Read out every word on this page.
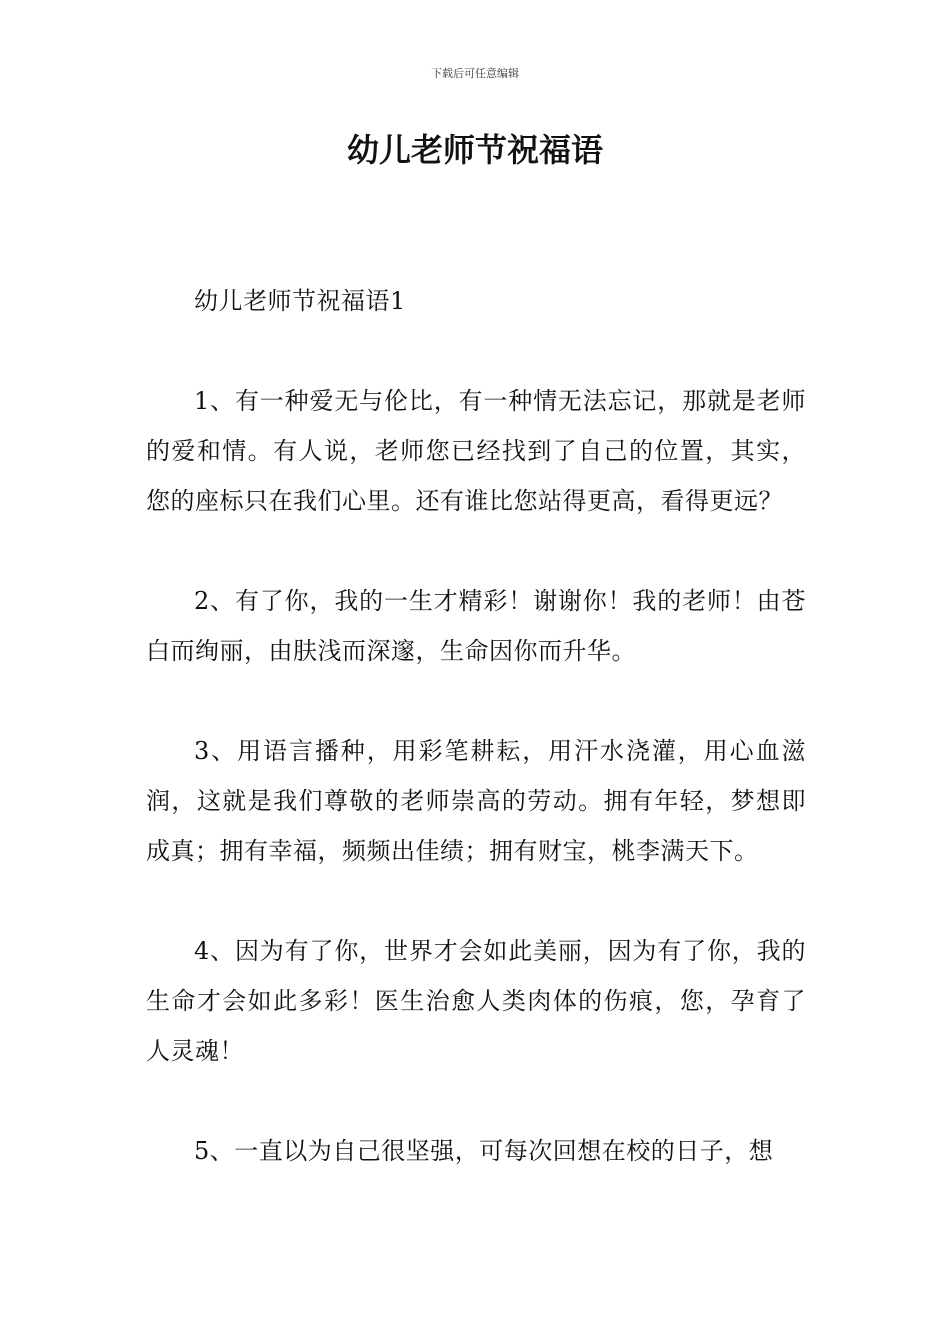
下载后可任意编辑
幼儿老师节祝福语

幼儿老师节祝福语1

1、有一种爱无与伦比，有一种情无法忘记，那就是老师的爱和情。有人说，老师您已经找到了自己的位置，其实，您的座标只在我们心里。还有谁比您站得更高，看得更远？

2、有了你，我的一生才精彩！谢谢你！我的老师！由苍白而绚丽，由肤浅而深邃，生命因你而升华。

3、用语言播种，用彩笔耕耘，用汗水浇灌，用心血滋润，这就是我们尊敬的老师崇高的劳动。拥有年轻，梦想即成真；拥有幸福，频频出佳绩；拥有财宝，桃李满天下。

4、因为有了你，世界才会如此美丽，因为有了你，我的生命才会如此多彩！医生治愈人类肉体的伤痕，您，孕育了人灵魂！

5、一直以为自己很坚强，可每次回想在校的日子，想
